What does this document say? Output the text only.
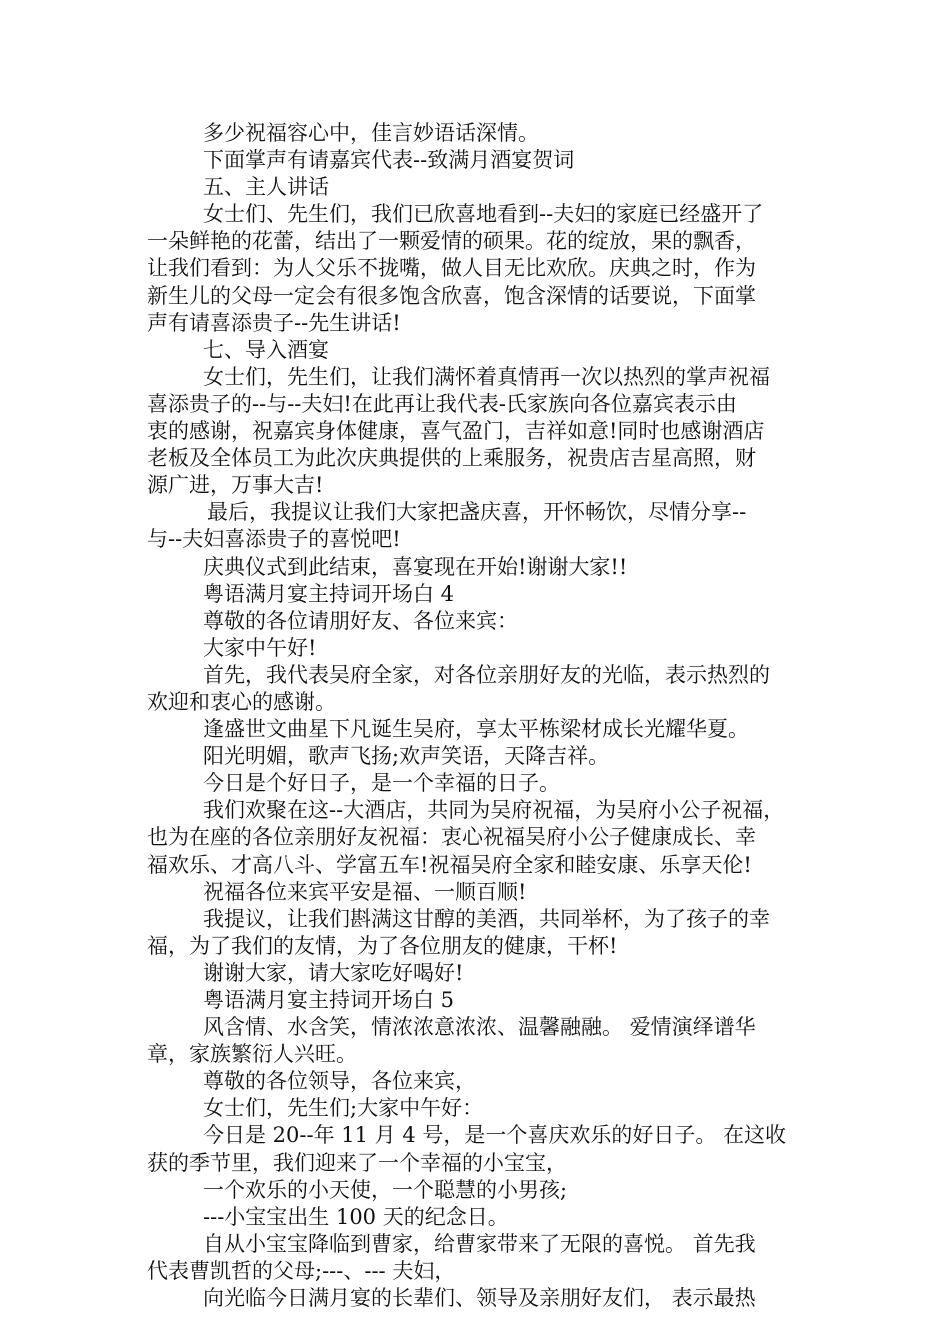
多少祝福容心中，佳言妙语话深情。
下面掌声有请嘉宾代表--致满月酒宴贺词
五、主人讲话
女士们、先生们，我们已欣喜地看到--夫妇的家庭已经盛开了
一朵鲜艳的花蕾，结出了一颗爱情的硕果。花的绽放，果的飘香，
让我们看到：为人父乐不拢嘴，做人目无比欢欣。庆典之时，作为
新生儿的父母一定会有很多饱含欣喜，饱含深情的话要说，下面掌
声有请喜添贵子--先生讲话!
七、导入酒宴
女士们，先生们，让我们满怀着真情再一次以热烈的掌声祝福
喜添贵子的--与--夫妇!在此再让我代表-氏家族向各位嘉宾表示由
衷的感谢，祝嘉宾身体健康，喜气盈门，吉祥如意!同时也感谢酒店
老板及全体员工为此次庆典提供的上乘服务，祝贵店吉星高照，财
源广进，万事大吉!
最后，我提议让我们大家把盏庆喜，开怀畅饮，尽情分享--
与--夫妇喜添贵子的喜悦吧!
庆典仪式到此结束，喜宴现在开始!谢谢大家!!
粤语满月宴主持词开场白 4
尊敬的各位请朋好友、各位来宾：
大家中午好!
首先，我代表吴府全家，对各位亲朋好友的光临，表示热烈的
欢迎和衷心的感谢。
逢盛世文曲星下凡诞生吴府，享太平栋梁材成长光耀华夏。
阳光明媚，歌声飞扬;欢声笑语，天降吉祥。
今日是个好日子，是一个幸福的日子。
我们欢聚在这--大酒店，共同为吴府祝福，为吴府小公子祝福，
也为在座的各位亲朋好友祝福：衷心祝福吴府小公子健康成长、幸
福欢乐、才高八斗、学富五车!祝福吴府全家和睦安康、乐享天伦!
祝福各位来宾平安是福、一顺百顺!
我提议，让我们斟满这甘醇的美酒，共同举杯，为了孩子的幸
福，为了我们的友情，为了各位朋友的健康，干杯!
谢谢大家，请大家吃好喝好!
粤语满月宴主持词开场白 5
风含情、水含笑，情浓浓意浓浓、温馨融融。 爱情演绎谱华
章，家族繁衍人兴旺。
尊敬的各位领导，各位来宾，
女士们，先生们;大家中午好：
今日是 20--年 11 月 4 号，是一个喜庆欢乐的好日子。 在这收
获的季节里，我们迎来了一个幸福的小宝宝，
一个欢乐的小天使，一个聪慧的小男孩;
---小宝宝出生 100 天的纪念日。
自从小宝宝降临到曹家，给曹家带来了无限的喜悦。 首先我
代表曹凯哲的父母;---、--- 夫妇，
向光临今日满月宴的长辈们、领导及亲朋好友们， 表示最热
